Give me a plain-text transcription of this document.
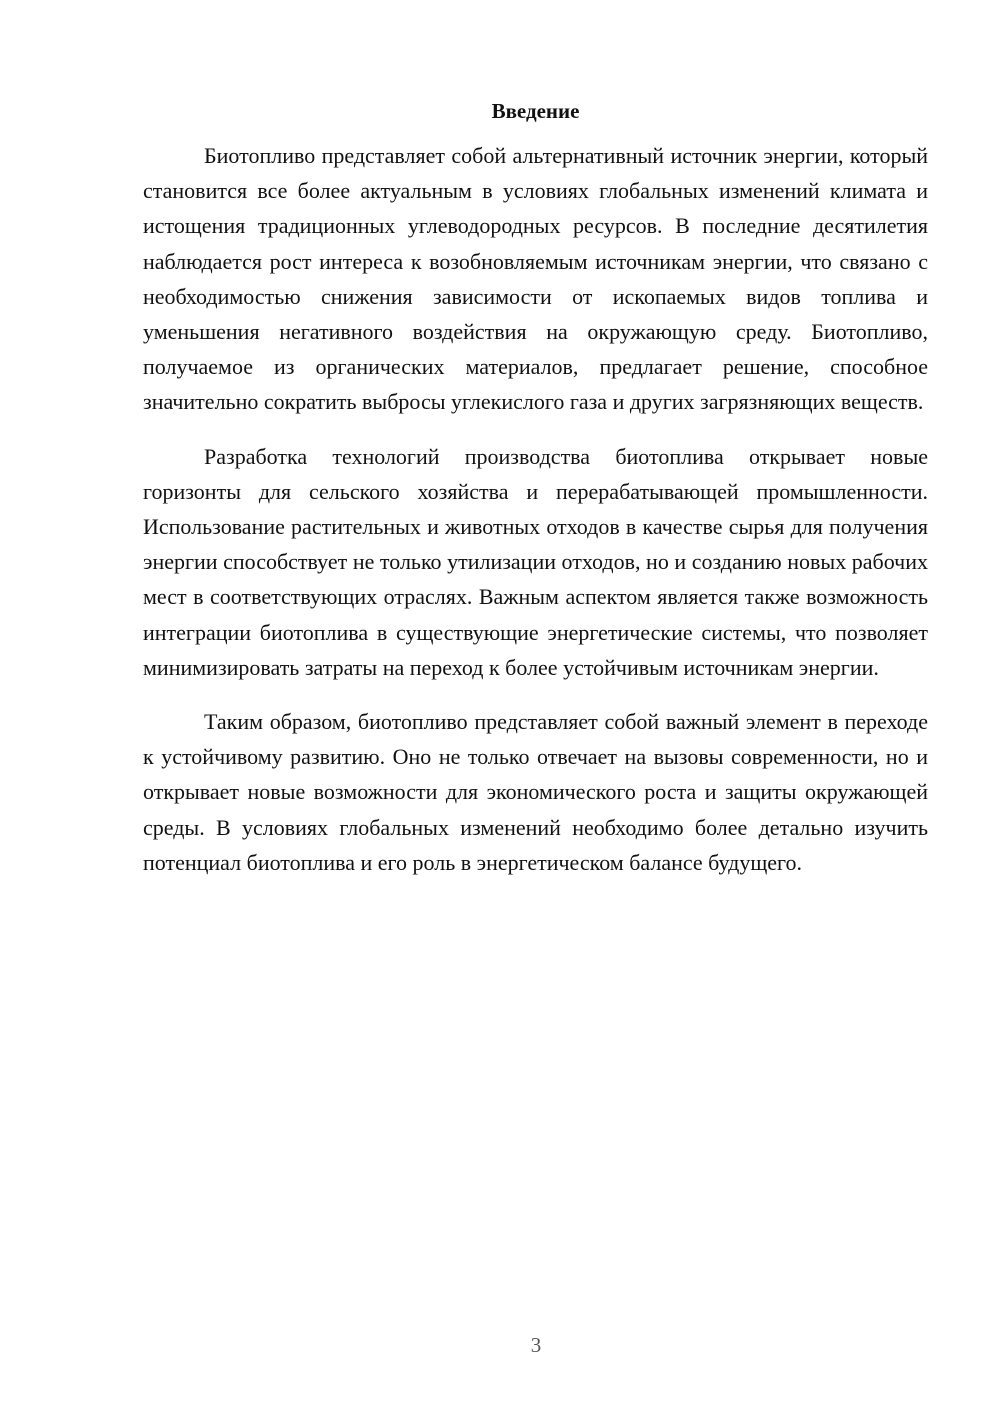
Введение

Биотопливо представляет собой альтернативный источник энергии, который становится все более актуальным в условиях глобальных изменений климата и истощения традиционных углеводородных ресурсов. В последние десятилетия наблюдается рост интереса к возобновляемым источникам энергии, что связано с необходимостью снижения зависимости от ископаемых видов топлива и уменьшения негативного воздействия на окружающую среду. Биотопливо, получаемое из органических материалов, предлагает решение, способное значительно сократить выбросы углекислого газа и других загрязняющих веществ.

Разработка технологий производства биотоплива открывает новые горизонты для сельского хозяйства и перерабатывающей промышленности. Использование растительных и животных отходов в качестве сырья для получения энергии способствует не только утилизации отходов, но и созданию новых рабочих мест в соответствующих отраслях. Важным аспектом является также возможность интеграции биотоплива в существующие энергетические системы, что позволяет минимизировать затраты на переход к более устойчивым источникам энергии.

Таким образом, биотопливо представляет собой важный элемент в переходе к устойчивому развитию. Оно не только отвечает на вызовы современности, но и открывает новые возможности для экономического роста и защиты окружающей среды. В условиях глобальных изменений необходимо более детально изучить потенциал биотоплива и его роль в энергетическом балансе будущего.

3
